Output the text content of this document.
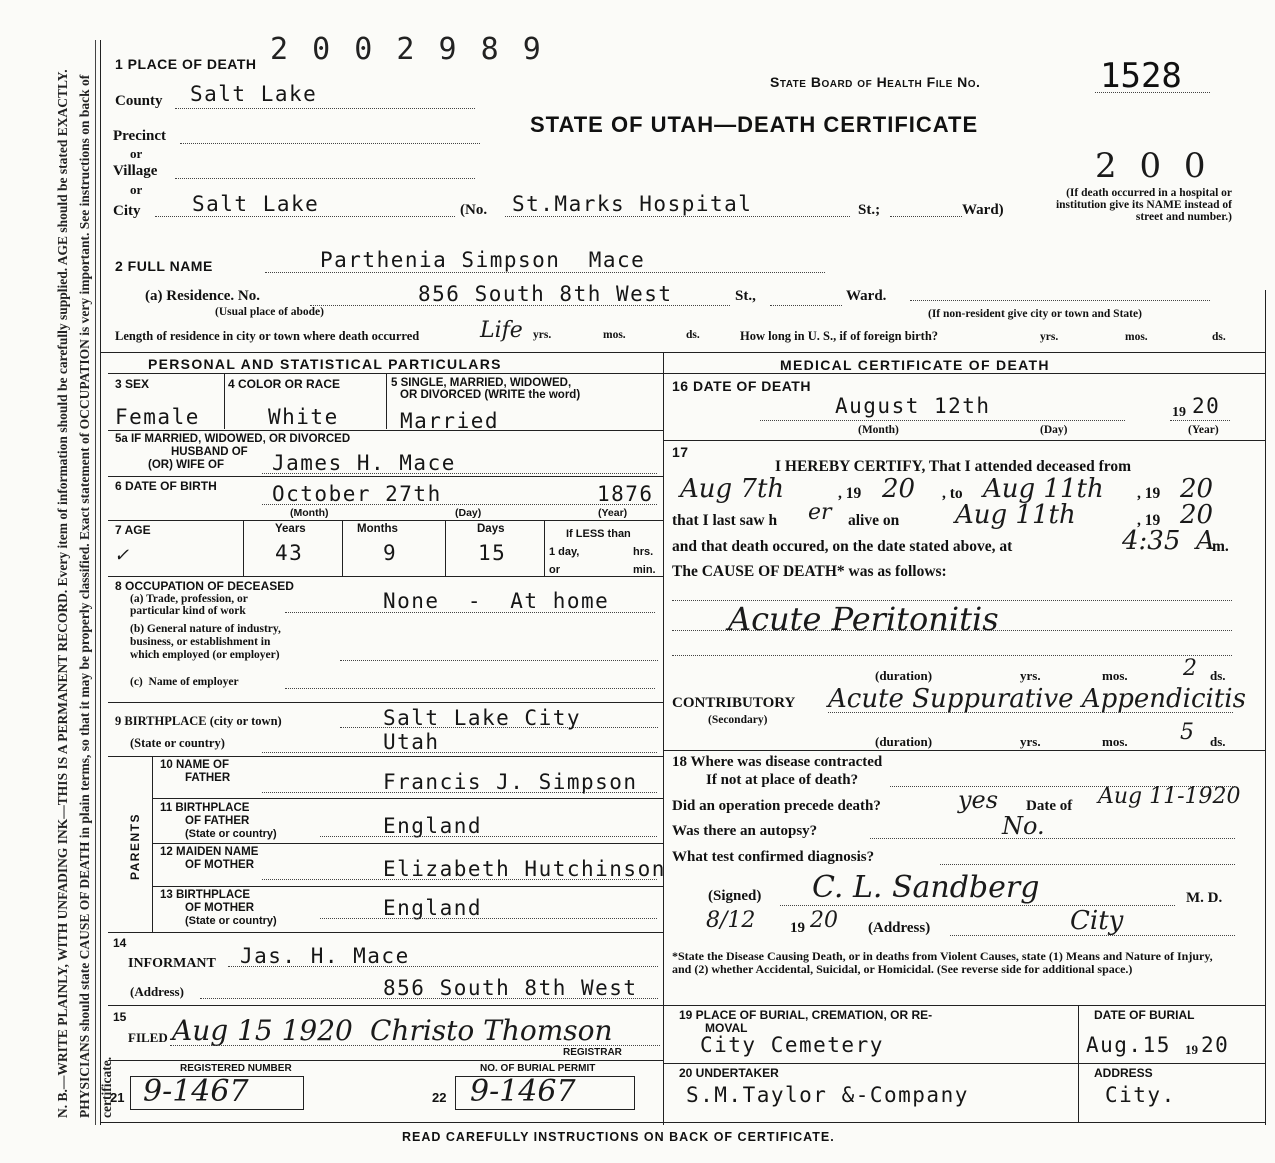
N. B.—WRITE PLAINLY, WITH UNFADING INK—THIS IS A PERMANENT RECORD. Every item of information should be carefully supplied. AGE should be stated EXACTLY. PHYSICIANS should state CAUSE OF DEATH in plain terms, so that it may be properly classified. Exact statement of OCCUPATION is very important. See instructions on back of certificate.
2 0 0 2 9 8 9
2 0 0
1 PLACE OF DEATH
State Board of Health File No.	1528
STATE OF UTAH—DEATH CERTIFICATE
County Salt Lake
Precinct
or
Village
or
City Salt Lake	(No. St.Marks Hospital	St.;	Ward)
(If death occurred in a hospital or institution give its NAME instead of street and number.)
2 FULL NAME	Parthenia Simpson  Mace
(a) Residence. No.	856 South 8th West	St.,	Ward.
(Usual place of abode)	(If non-resident give city or town and State)
Length of residence in city or town where death occurred	Life yrs.	mos.	ds.	How long in U. S., if of foreign birth?	yrs.	mos.	ds.
PERSONAL AND STATISTICAL PARTICULARS	MEDICAL CERTIFICATE OF DEATH
3 SEX	4 COLOR OR RACE	5 SINGLE, MARRIED, WIDOWED,
OR DIVORCED (WRITE the word)
Female	White	Married
5a IF MARRIED, WIDOWED, OR DIVORCED
HUSBAND OF
(OR) WIFE OF James H. Mace
6 DATE OF BIRTH	October 27th	1876
(Month)	(Day)	(Year)
7 AGE
✓
Years	Months	Days	If LESS than
1 day,	hrs.
or	min.
43	9	15
8 OCCUPATION OF DECEASED
(a) Trade, profession, or
particular kind of work	None  -  At home
(b) General nature of industry,
business, or establishment in
which employed (or employer)
(c)  Name of employer
9 BIRTHPLACE (city or town)	Salt Lake City
(State or country)	Utah
PARENTS
10 NAME OF
FATHER	Francis J. Simpson
11 BIRTHPLACE
OF FATHER
(State or country)	England
12 MAIDEN NAME
OF MOTHER	Elizabeth Hutchinson
13 BIRTHPLACE
OF MOTHER
(State or country)
England
14
INFORMANT Jas. H. Mace
(Address)	856 South 8th West
15
FILED Aug 15 1920 Christo Thomson
REGISTRAR
REGISTERED NUMBER
21 9-1467
NO. OF BURIAL PERMIT
22 9-1467
16 DATE OF DEATH
August 12th	19 20
(Month)	(Day)	(Year)
17
I HEREBY CERTIFY, That I attended deceased from
Aug 7th	, 19 20 , to Aug 11th , 19 20
that I last saw h er alive on Aug 11th	, 19 20
and that death occured, on the date stated above, at	4:35 A
m.
The CAUSE OF DEATH* was as follows:
Acute Peritonitis
(duration)	yrs.	mos.	2 ds.
CONTRIBUTORY
(Secondary)
Acute Suppurative Appendicitis
(duration)	yrs.	mos. 5 ds.
18 Where was disease contracted
If not at place of death?
Did an operation precede death?	yes Date of Aug 11-1920
Was there an autopsy?	No.
What test confirmed diagnosis?
(Signed) C. L. Sandberg	M. D.
8/12 19 20 (Address)	City
*State the Disease Causing Death, or in deaths from Violent Causes, state (1) Means and Nature of Injury, and (2) whether Accidental, Suicidal, or Homicidal. (See reverse side for additional space.)
19 PLACE OF BURIAL, CREMATION, OR RE-
MOVAL
City Cemetery
DATE OF BURIAL
Aug.15 19 20
20 UNDERTAKER
S.M.Taylor &-Company
ADDRESS
City.
READ CAREFULLY INSTRUCTIONS ON BACK OF CERTIFICATE.
